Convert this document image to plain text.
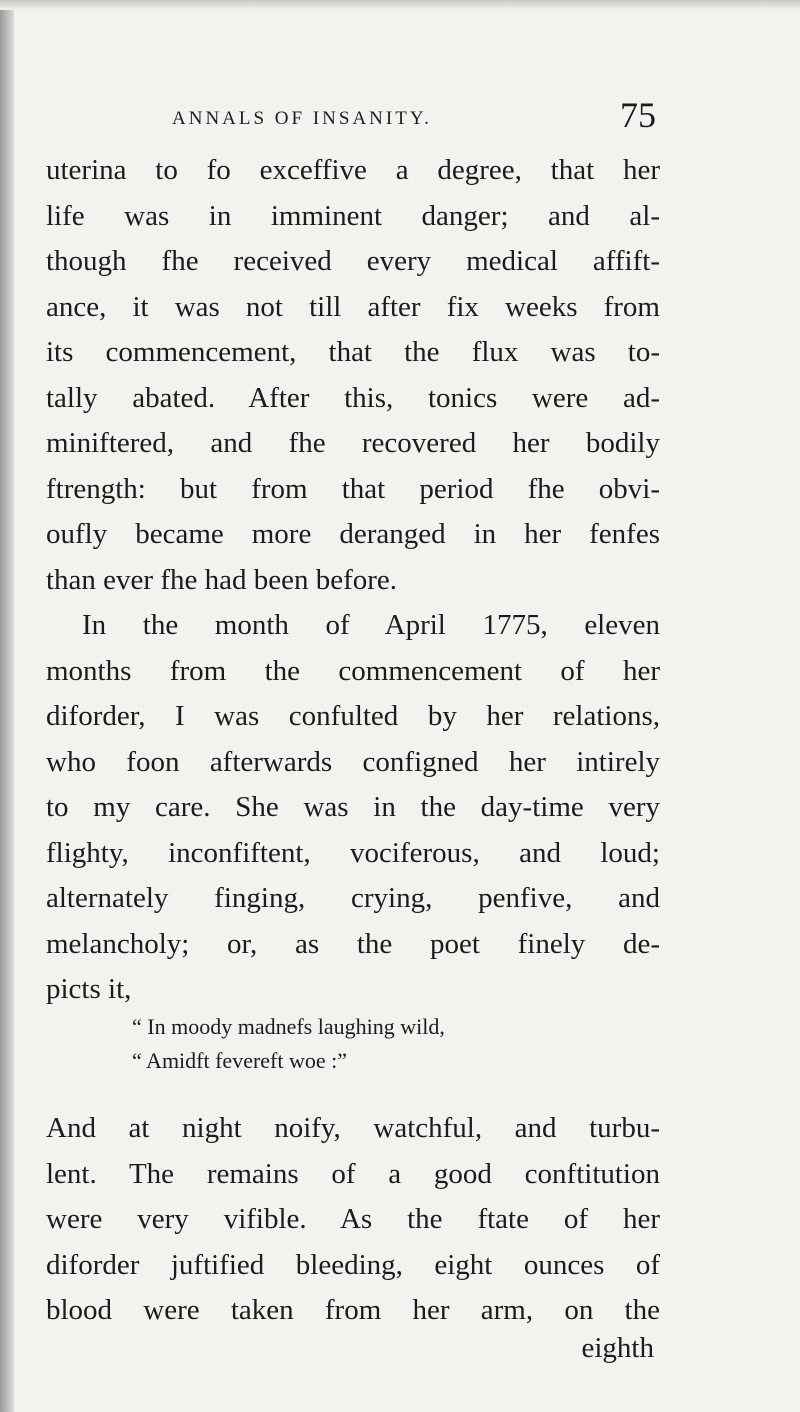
ANNALS OF INSANITY.	75
uterina to fo exceffive a degree, that her
life was in imminent danger; and al-
though fhe received every medical affift-
ance, it was not till after fix weeks from
its commencement, that the flux was to-
tally abated. After this, tonics were ad-
miniftered, and fhe recovered her bodily
ftrength: but from that period fhe obvi-
oufly became more deranged in her fenfes
than ever fhe had been before.
In the month of April 1775, eleven
months from the commencement of her
diforder, I was confulted by her relations,
who foon afterwards configned her intirely
to my care. She was in the day-time very
flighty, inconfiftent, vociferous, and loud;
alternately finging, crying, penfive, and
melancholy; or, as the poet finely de-
picts it,
“ In moody madnefs laughing wild,
“ Amidft fevereft woe :”
And at night noify, watchful, and turbu-
lent. The remains of a good conftitution
were very vifible. As the ftate of her
diforder juftified bleeding, eight ounces of
blood were taken from her arm, on the
eighth
